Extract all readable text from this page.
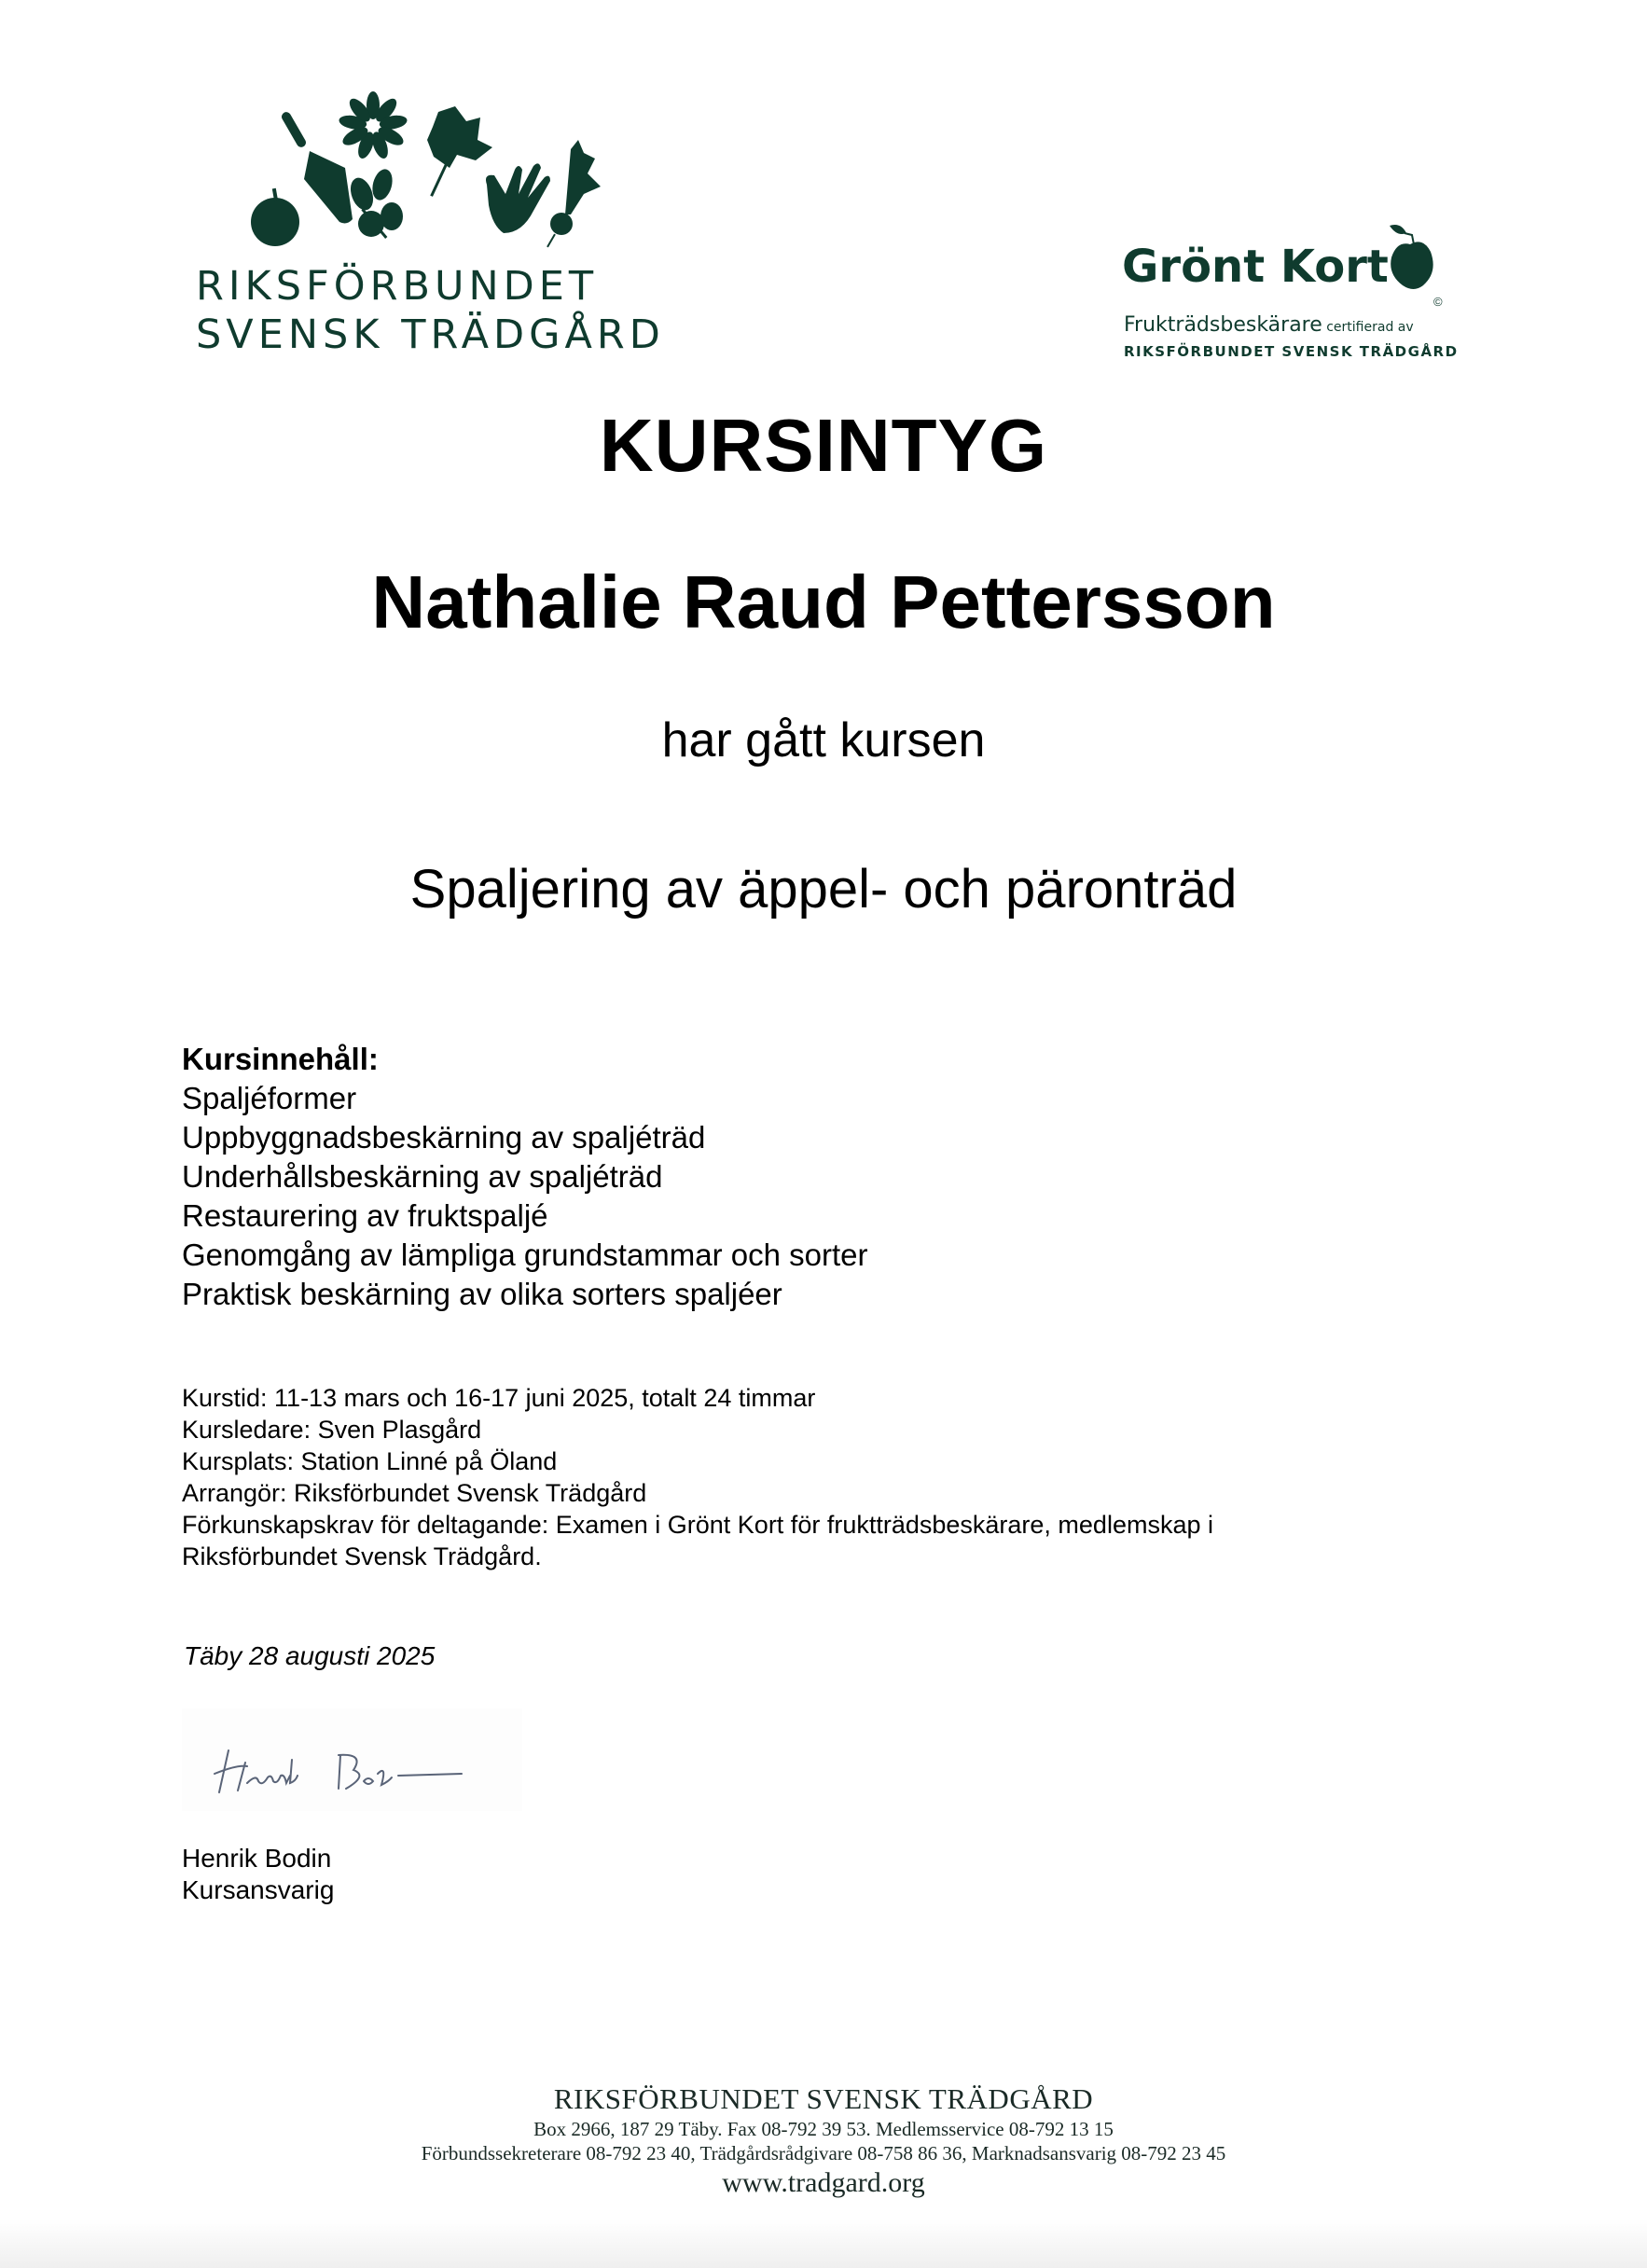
RIKSFÖRBUNDET
SVENSK TRÄDGÅRD
Grönt Kort
©
Frukträdsbeskärare certifierad av
RIKSFÖRBUNDET SVENSK TRÄDGÅRD
KURSINTYG
Nathalie Raud Pettersson
har gått kursen
Spaljering av äppel- och päronträd
Kursinnehåll:
Spaljéformer
Uppbyggnadsbeskärning av spaljéträd
Underhållsbeskärning av spaljéträd
Restaurering av fruktspaljé
Genomgång av lämpliga grundstammar och sorter
Praktisk beskärning av olika sorters spaljéer
Kurstid: 11-13 mars och 16-17 juni 2025, totalt 24 timmar
Kursledare: Sven Plasgård
Kursplats: Station Linné på Öland
Arrangör: Riksförbundet Svensk Trädgård
Förkunskapskrav för deltagande: Examen i Grönt Kort för fruktträdsbeskärare, medlemskap i
Riksförbundet Svensk Trädgård.
Täby 28 augusti 2025
Henrik Bodin
Kursansvarig
RIKSFÖRBUNDET SVENSK TRÄDGÅRD
Box 2966, 187 29 Täby. Fax 08-792 39 53. Medlemsservice 08-792 13 15
Förbundssekreterare 08-792 23 40, Trädgårdsrådgivare 08-758 86 36, Marknadsansvarig 08-792 23 45
www.tradgard.org
